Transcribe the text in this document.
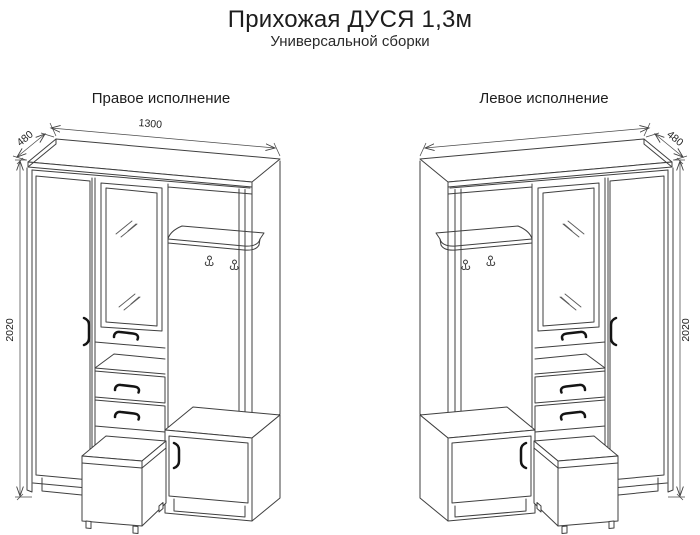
Прихожая ДУСЯ 1,3м
Универсальной сборки
Правое исполнение	Левое исполнение
1300
480
2020
480
2020
